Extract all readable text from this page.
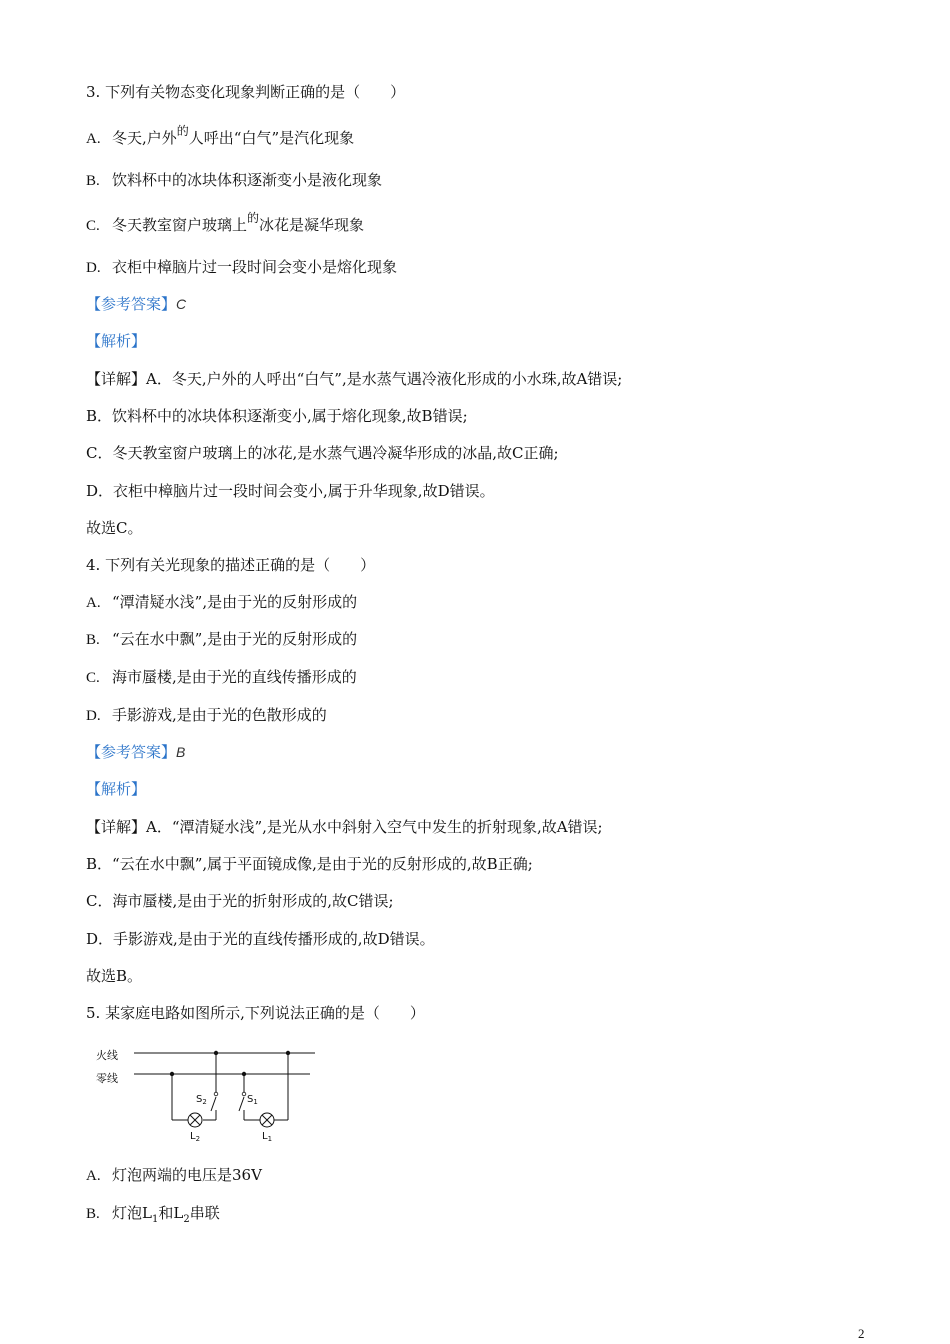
3. 下列有关物态变化现象判断正确的是（　　）
A. 冬天,户外$^的$人呼出“白气”是汽化现象
B. 饮料杯中的冰块体积逐渐变小是液化现象
C. 冬天教室窗户玻璃上$^的$冰花是凝华现象
D. 衣柜中樟脑片过一段时间会变小是熔化现象
【参考答案】C
【解析】
【详解】A．冬天,户外的人呼出“白气”,是水蒸气遇冷液化形成的小水珠,故A错误;
B．饮料杯中的冰块体积逐渐变小,属于熔化现象,故B错误;
C．冬天教室窗户玻璃上的冰花,是水蒸气遇冷凝华形成的冰晶,故C正确;
D．衣柜中樟脑片过一段时间会变小,属于升华现象,故D错误。
故选C。
4. 下列有关光现象的描述正确的是（　　）
A. “潭清疑水浅”,是由于光的反射形成的
B. “云在水中飘”,是由于光的反射形成的
C. 海市蜃楼,是由于光的直线传播形成的
D. 手影游戏,是由于光的色散形成的
【参考答案】B
【解析】
【详解】A．“潭清疑水浅”,是光从水中斜射入空气中发生的折射现象,故A错误;
B．“云在水中飘”,属于平面镜成像,是由于光的反射形成的,故B正确;
C．海市蜃楼,是由于光的折射形成的,故C错误;
D．手影游戏,是由于光的直线传播形成的,故D错误。
故选B。
5. 某家庭电路如图所示,下列说法正确的是（　　）
火线
零线
$S_2$
$L_2$
$S_1$
$L_1$
A. 灯泡两端的电压是36V
B. 灯泡$L_1$和$L_2$串联
2
